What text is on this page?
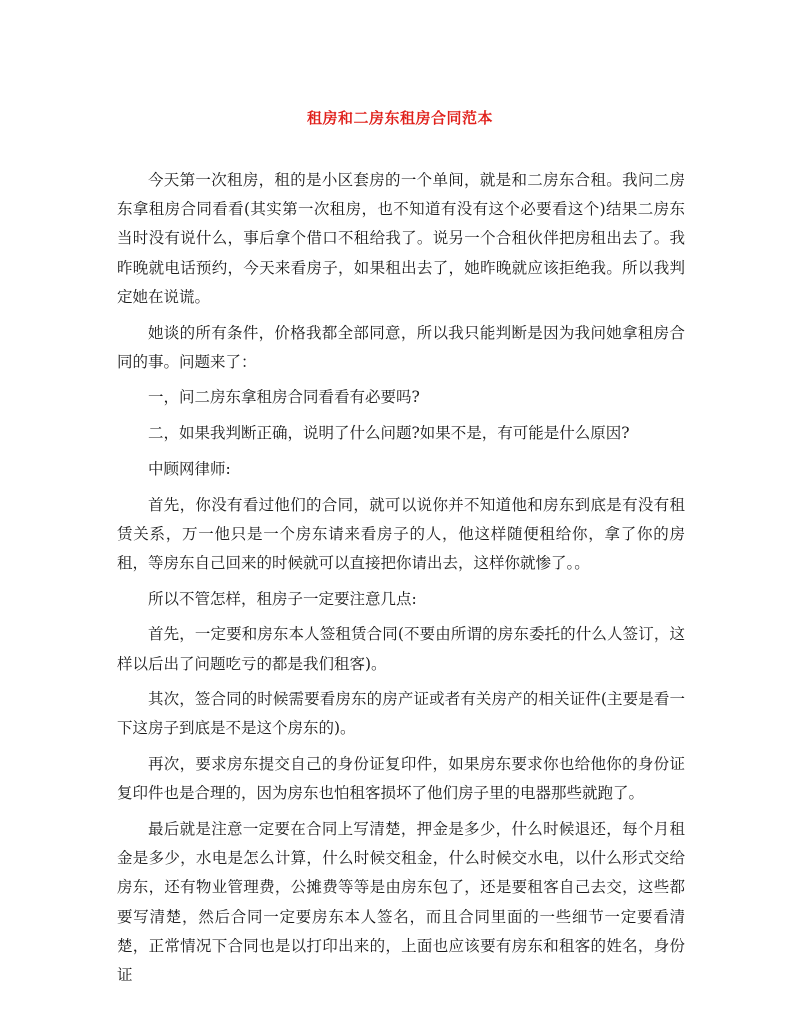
租房和二房东租房合同范本

今天第一次租房，租的是小区套房的一个单间，就是和二房东合租。我问二房东拿租房合同看看(其实第一次租房，也不知道有没有这个必要看这个)结果二房东当时没有说什么，事后拿个借口不租给我了。说另一个合租伙伴把房租出去了。我昨晚就电话预约，今天来看房子，如果租出去了，她昨晚就应该拒绝我。所以我判定她在说谎。

她谈的所有条件，价格我都全部同意，所以我只能判断是因为我问她拿租房合同的事。问题来了：

一，问二房东拿租房合同看看有必要吗?

二，如果我判断正确，说明了什么问题?如果不是，有可能是什么原因?

中顾网律师:

首先，你没有看过他们的合同，就可以说你并不知道他和房东到底是有没有租赁关系，万一他只是一个房东请来看房子的人，他这样随便租给你，拿了你的房租，等房东自己回来的时候就可以直接把你请出去，这样你就惨了。。

所以不管怎样，租房子一定要注意几点:

首先，一定要和房东本人签租赁合同(不要由所谓的房东委托的什么人签订，这样以后出了问题吃亏的都是我们租客)。

其次，签合同的时候需要看房东的房产证或者有关房产的相关证件(主要是看一下这房子到底是不是这个房东的)。

再次，要求房东提交自己的身份证复印件，如果房东要求你也给他你的身份证复印件也是合理的，因为房东也怕租客损坏了他们房子里的电器那些就跑了。

最后就是注意一定要在合同上写清楚，押金是多少，什么时候退还，每个月租金是多少，水电是怎么计算，什么时候交租金，什么时候交水电，以什么形式交给房东，还有物业管理费，公摊费等等是由房东包了，还是要租客自己去交，这些都要写清楚，然后合同一定要房东本人签名，而且合同里面的一些细节一定要看清楚，正常情况下合同也是以打印出来的，上面也应该要有房东和租客的姓名，身份证
